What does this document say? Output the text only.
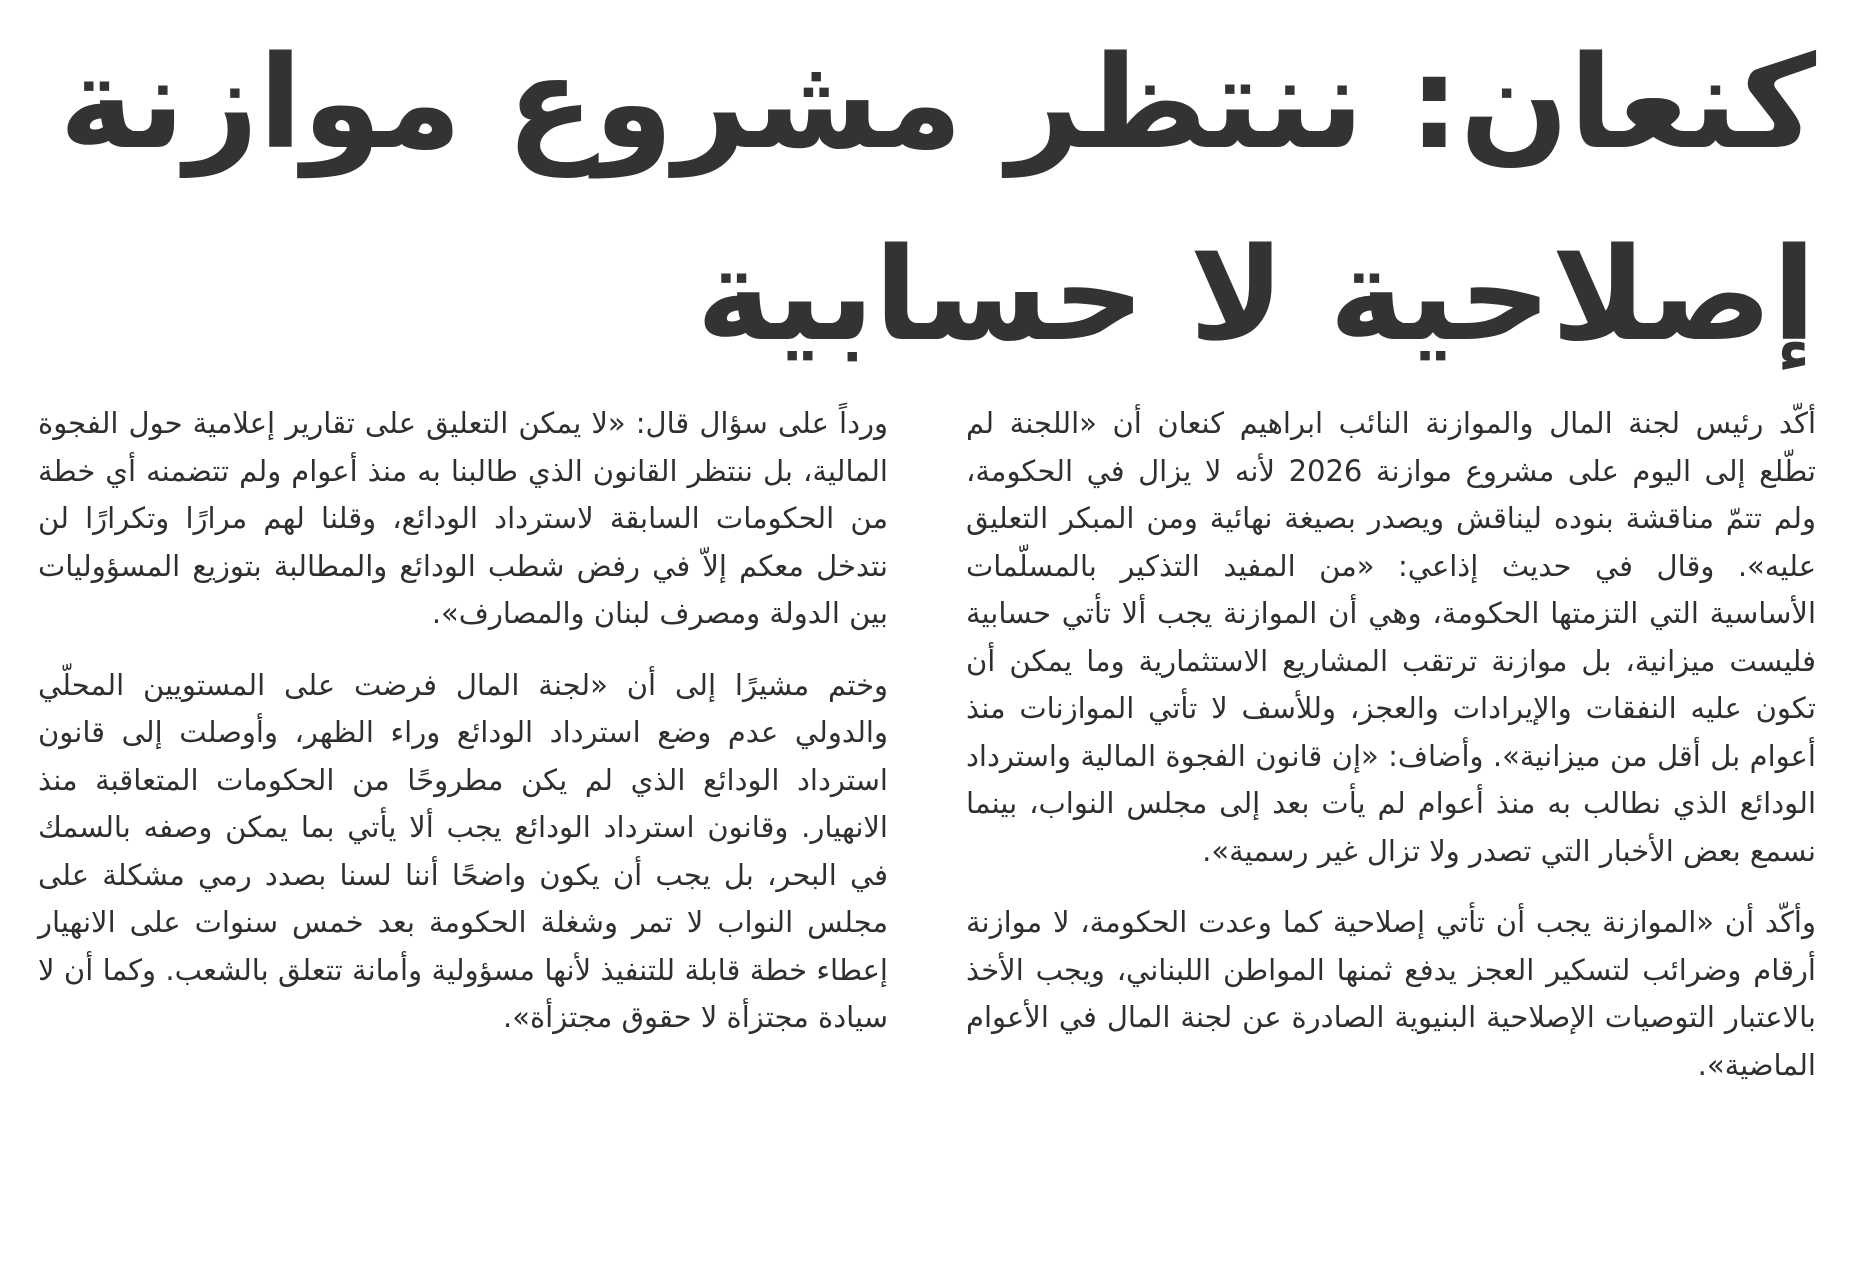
كنعان: ننتظر مشروع موازنة
إصلاحية لا حسابية

أكّد رئيس لجنة المال والموازنة النائب ابراهيم كنعان أن «اللجنة لم تطّلع إلى اليوم على مشروع موازنة 2026 لأنه لا يزال في الحكومة، ولم تتمّ مناقشة بنوده ليناقش ويصدر بصيغة نهائية ومن المبكر التعليق عليه». وقال في حديث إذاعي: «من المفيد التذكير بالمسلّمات الأساسية التي التزمتها الحكومة، وهي أن الموازنة يجب ألا تأتي حسابية فليست ميزانية، بل موازنة ترتقب المشاريع الاستثمارية وما يمكن أن تكون عليه النفقات والإيرادات والعجز، وللأسف لا تأتي الموازنات منذ أعوام بل أقل من ميزانية». وأضاف: «إن قانون الفجوة المالية واسترداد الودائع الذي نطالب به منذ أعوام لم يأت بعد إلى مجلس النواب، بينما نسمع بعض الأخبار التي تصدر ولا تزال غير رسمية».

وأكّد أن «الموازنة يجب أن تأتي إصلاحية كما وعدت الحكومة، لا موازنة أرقام وضرائب لتسكير العجز يدفع ثمنها المواطن اللبناني، ويجب الأخذ بالاعتبار التوصيات الإصلاحية البنيوية الصادرة عن لجنة المال في الأعوام الماضية».

ورداً على سؤال قال: «لا يمكن التعليق على تقارير إعلامية حول الفجوة المالية، بل ننتظر القانون الذي طالبنا به منذ أعوام ولم تتضمنه أي خطة من الحكومات السابقة لاسترداد الودائع، وقلنا لهم مرارًا وتكرارًا لن نتدخل معكم إلاّ في رفض شطب الودائع والمطالبة بتوزيع المسؤوليات بين الدولة ومصرف لبنان والمصارف».

وختم مشيرًا إلى أن «لجنة المال فرضت على المستويين المحلّي والدولي عدم وضع استرداد الودائع وراء الظهر، وأوصلت إلى قانون استرداد الودائع الذي لم يكن مطروحًا من الحكومات المتعاقبة منذ الانهيار. وقانون استرداد الودائع يجب ألا يأتي بما يمكن وصفه بالسمك في البحر، بل يجب أن يكون واضحًا أننا لسنا بصدد رمي مشكلة على مجلس النواب لا تمر وشغلة الحكومة بعد خمس سنوات على الانهيار إعطاء خطة قابلة للتنفيذ لأنها مسؤولية وأمانة تتعلق بالشعب. وكما أن لا سيادة مجتزأة لا حقوق مجتزأة».
